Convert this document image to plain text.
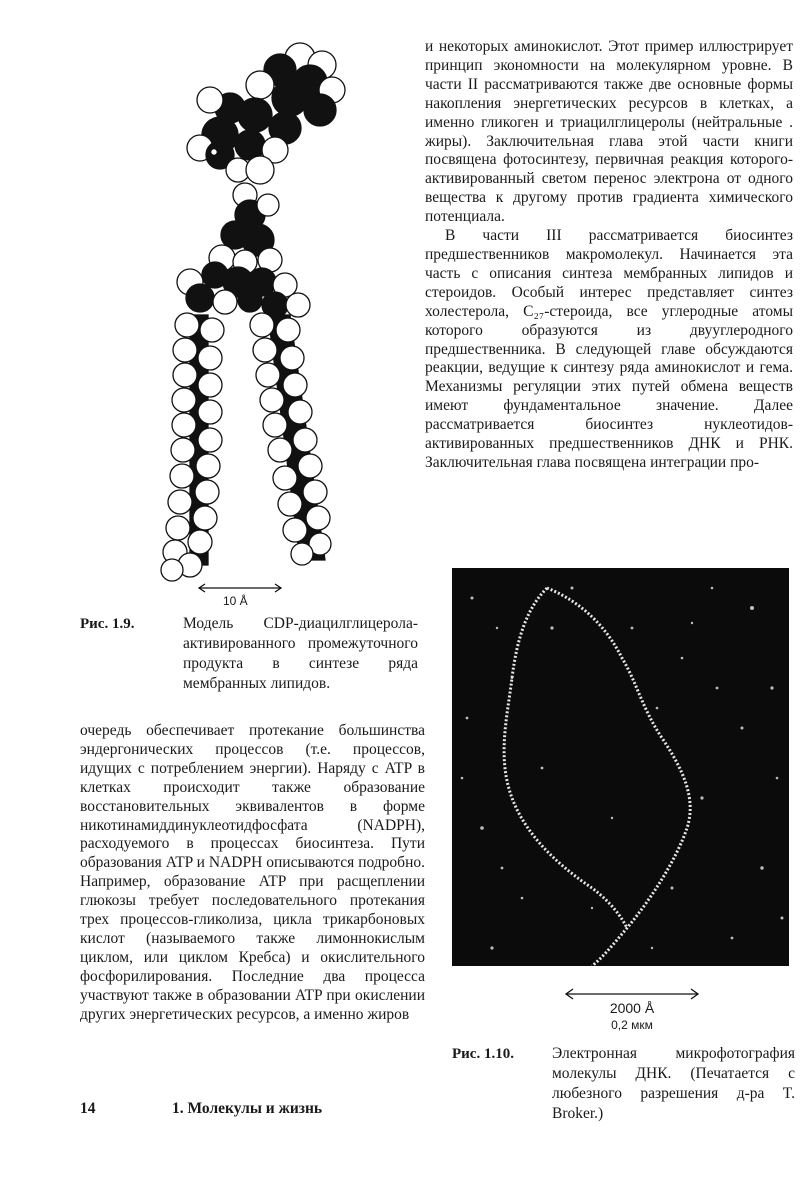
10 Å
Рис. 1.9.	Модель CDP-диацилглицерола-активированного промежуточного продукта в синтезе ряда мембранных липидов.

и некоторых аминокислот. Этот пример иллюстрирует принцип экономности на молекулярном уровне. В части II рассматриваются также две основные формы накопления энергетических ресурсов в клетках, а именно гликоген и триацилглицеролы (нейтральные . жиры). Заключительная глава этой части книги посвящена фотосинтезу, первичная реакция которого-активированный светом перенос электрона от одного вещества к другому против градиента химического потенциала.

В части III рассматривается биосинтез предшественников макромолекул. Начинается эта часть с описания синтеза мембранных липидов и стероидов. Особый интерес представляет синтез холестерола, C₂₇-стероида, все углеродные атомы которого образуются из двууглеродного предшественника. В следующей главе обсуждаются реакции, ведущие к синтезу ряда аминокислот и гема. Механизмы регуляции этих путей обмена веществ имеют фундаментальное значение. Далее рассматривается биосинтез нуклеотидов-активированных предшественников ДНК и РНК. Заключительная глава посвящена интеграции про-

2000 Å
0,2 мкм
Рис. 1.10. Электронная микрофотография молекулы ДНК. (Печатается с любезного разрешения д-ра T. Broker.)

очередь обеспечивает протекание большинства эндергонических процессов (т.е. процессов, идущих с потреблением энергии). Наряду с ATP в клетках происходит также образование восстановительных эквивалентов в форме никотинамиддинуклеотидфосфата (NADPH), расходуемого в процессах биосинтеза. Пути образования ATP и NADPH описываются подробно. Например, образование ATP при расщеплении глюкозы требует последовательного протекания трех процессов-гликолиза, цикла трикарбоновых кислот (называемого также лимоннокислым циклом, или циклом Кребса) и окислительного фосфорилирования. Последние два процесса участвуют также в образовании ATP при окислении других энергетических ресурсов, а именно жиров

14	1. Молекулы и жизнь
